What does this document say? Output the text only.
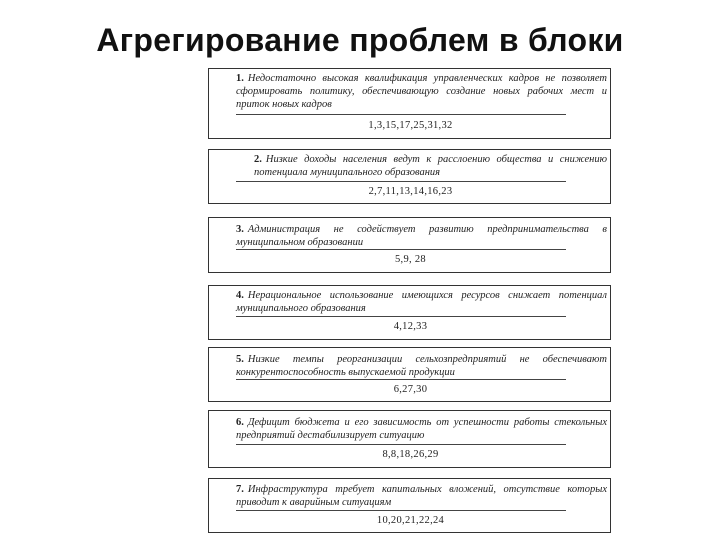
Агрегирование проблем в блоки
1. Недостаточно высокая квалификация управленческих кадров не позволяет сформировать политику, обеспечивающую создание новых рабочих мест и приток новых кадров
1,3,15,17,25,31,32
2. Низкие доходы населения ведут к расслоению общества и снижению потенциала муниципального образования
2,7,11,13,14,16,23
3. Администрация не содействует развитию предпринимательства в муниципальном образовании
5,9, 28
4. Нерациональное использование имеющихся ресурсов снижает потенциал муниципального образования
4,12,33
5. Низкие темпы реорганизации сельхозпредприятий не обеспечивают конкурентоспособность выпускаемой продукции
6,27,30
6. Дефицит бюджета и его зависимость от успешности работы стекольных предприятий дестабилизирует ситуацию
8,8,18,26,29
7. Инфраструктура требует капитальных вложений, отсутствие которых приводит к аварийным ситуациям
10,20,21,22,24
